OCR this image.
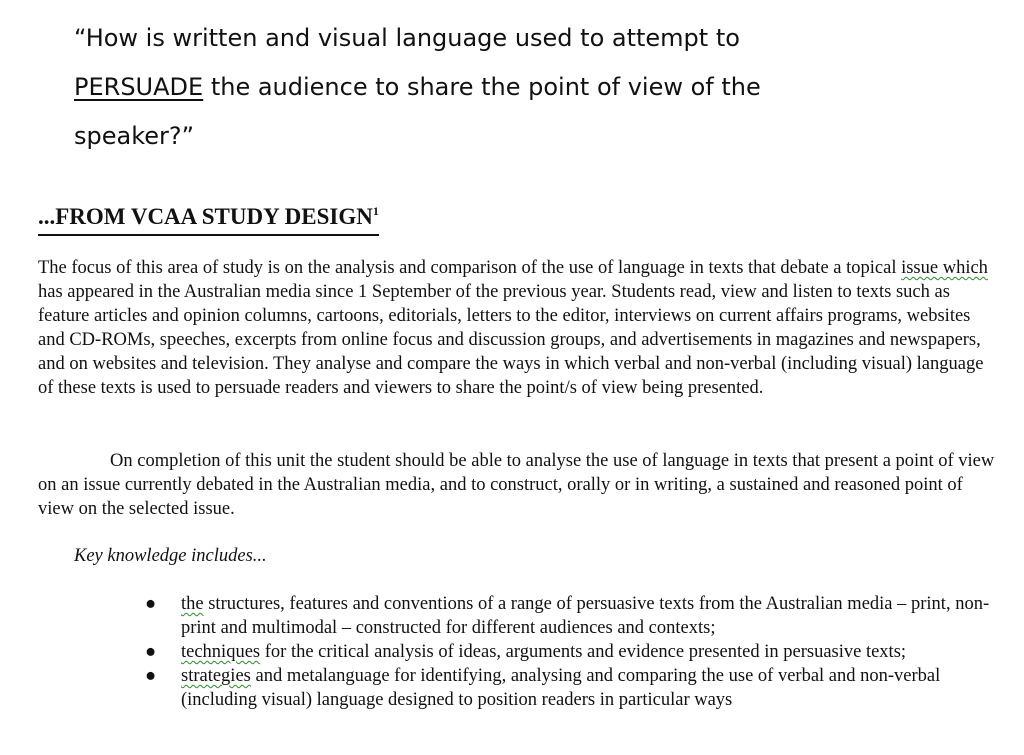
“How is written and visual language used to attempt to
PERSUADE the audience to share the point of view of the
speaker?”
...FROM VCAA STUDY DESIGN$^1$
The focus of this area of study is on the analysis and comparison of the use of language in texts that debate a topical issue which has appeared in the Australian media since 1 September of the previous year. Students read, view and listen to texts such as feature articles and opinion columns, cartoons, editorials, letters to the editor, interviews on current affairs programs, websites and CD-ROMs, speeches, excerpts from online focus and discussion groups, and advertisements in magazines and newspapers, and on websites and television. They analyse and compare the ways in which verbal and non-verbal (including visual) language of these texts is used to persuade readers and viewers to share the point/s of view being presented.
On completion of this unit the student should be able to analyse the use of language in texts that present a point of view on an issue currently debated in the Australian media, and to construct, orally or in writing, a sustained and reasoned point of view on the selected issue.
Key knowledge includes...
●	the structures, features and conventions of a range of persuasive texts from the Australian media – print, non-print and multimodal – constructed for different audiences and contexts;
●	techniques for the critical analysis of ideas, arguments and evidence presented in persuasive texts;
●	strategies and metalanguage for identifying, analysing and comparing the use of verbal and non-verbal (including visual) language designed to position readers in particular ways
